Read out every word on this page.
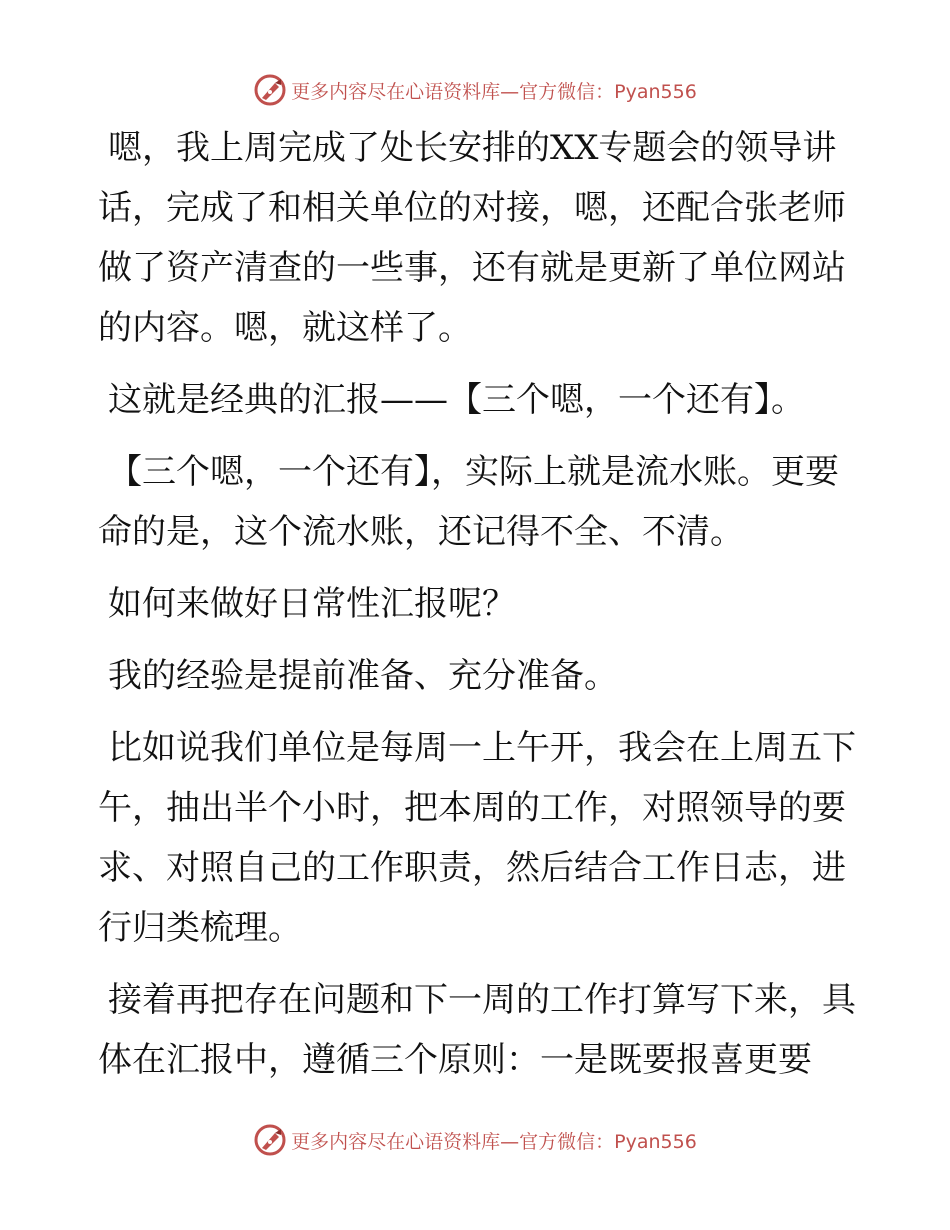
更多内容尽在心语资料库—官方微信：Pyan556

嗯，我上周完成了处长安排的XX专题会的领导讲话，完成了和相关单位的对接，嗯，还配合张老师做了资产清查的一些事，还有就是更新了单位网站的内容。嗯，就这样了。

这就是经典的汇报——【三个嗯，一个还有】。

【三个嗯，一个还有】，实际上就是流水账。更要命的是，这个流水账，还记得不全、不清。

如何来做好日常性汇报呢？

我的经验是提前准备、充分准备。

比如说我们单位是每周一上午开，我会在上周五下午，抽出半个小时，把本周的工作，对照领导的要求、对照自己的工作职责，然后结合工作日志，进行归类梳理。

接着再把存在问题和下一周的工作打算写下来，具体在汇报中，遵循三个原则：一是既要报喜更要

更多内容尽在心语资料库—官方微信：Pyan556
